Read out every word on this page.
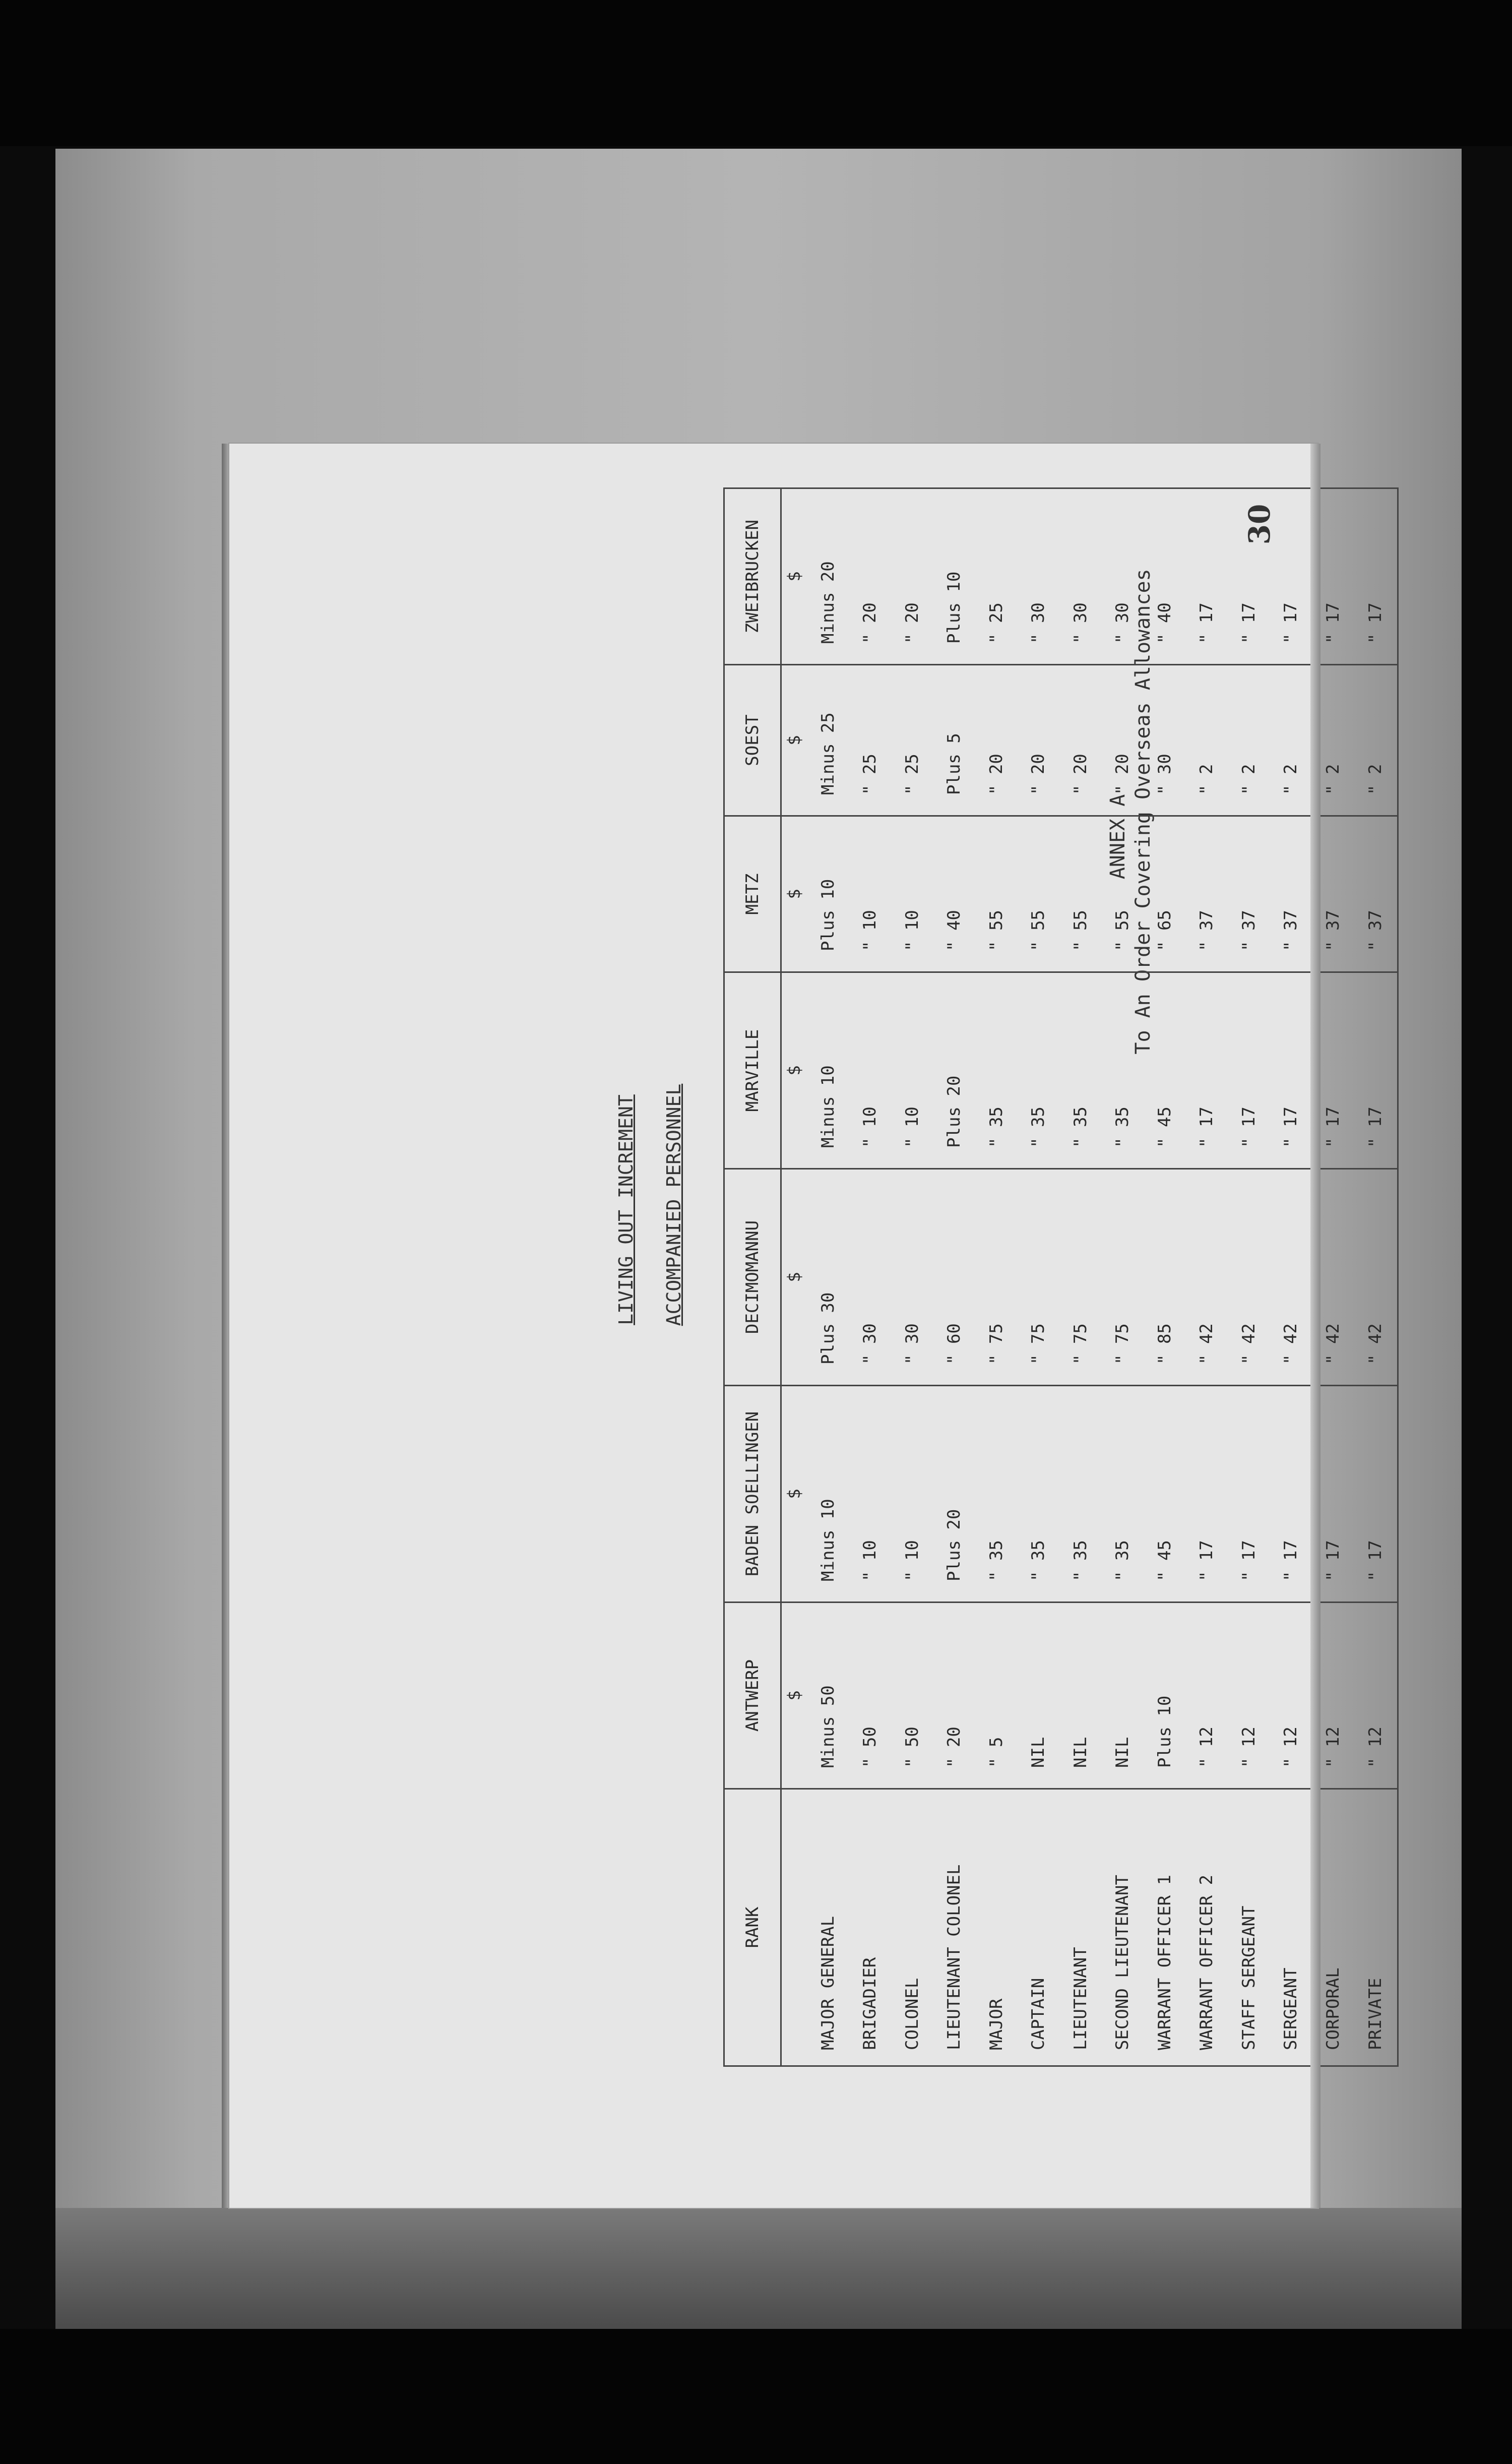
30
ANNEX A To An Order Covering Overseas Allowances
LIVING OUT INCREMENT ACCOMPANIED PERSONNEL
RANK	ANTWERP	BADEN SOELLINGEN	DECIMOMANNU	MARVILLE	METZ	SOEST	ZWEIBRUCKEN
	$	$	$	$	$	$	$
MAJOR GENERAL	Minus 50	Minus 10	Plus 30	Minus 10	Plus 10	Minus 25	Minus 20
BRIGADIER	" 50	" 10	" 30	" 10	" 10	" 25	" 20
COLONEL	" 50	" 10	" 30	" 10	" 10	" 25	" 20
LIEUTENANT COLONEL	" 20	Plus 20	" 60	Plus 20	" 40	Plus 5	Plus 10
MAJOR	" 5	" 35	" 75	" 35	" 55	" 20	" 25
CAPTAIN	NIL	" 35	" 75	" 35	" 55	" 20	" 30
LIEUTENANT	NIL	" 35	" 75	" 35	" 55	" 20	" 30
SECOND LIEUTENANT	NIL	" 35	" 75	" 35	" 55	" 20	" 30
WARRANT OFFICER 1	Plus 10	" 45	" 85	" 45	" 65	" 30	" 40
WARRANT OFFICER 2	" 12	" 17	" 42	" 17	" 37	" 2	" 17
STAFF SERGEANT	" 12	" 17	" 42	" 17	" 37	" 2	" 17
SERGEANT	" 12	" 17	" 42	" 17	" 37	" 2	" 17
CORPORAL	" 12	" 17	" 42	" 17	" 37	" 2	" 17
PRIVATE	" 12	" 17	" 42	" 17	" 37	" 2	" 17
